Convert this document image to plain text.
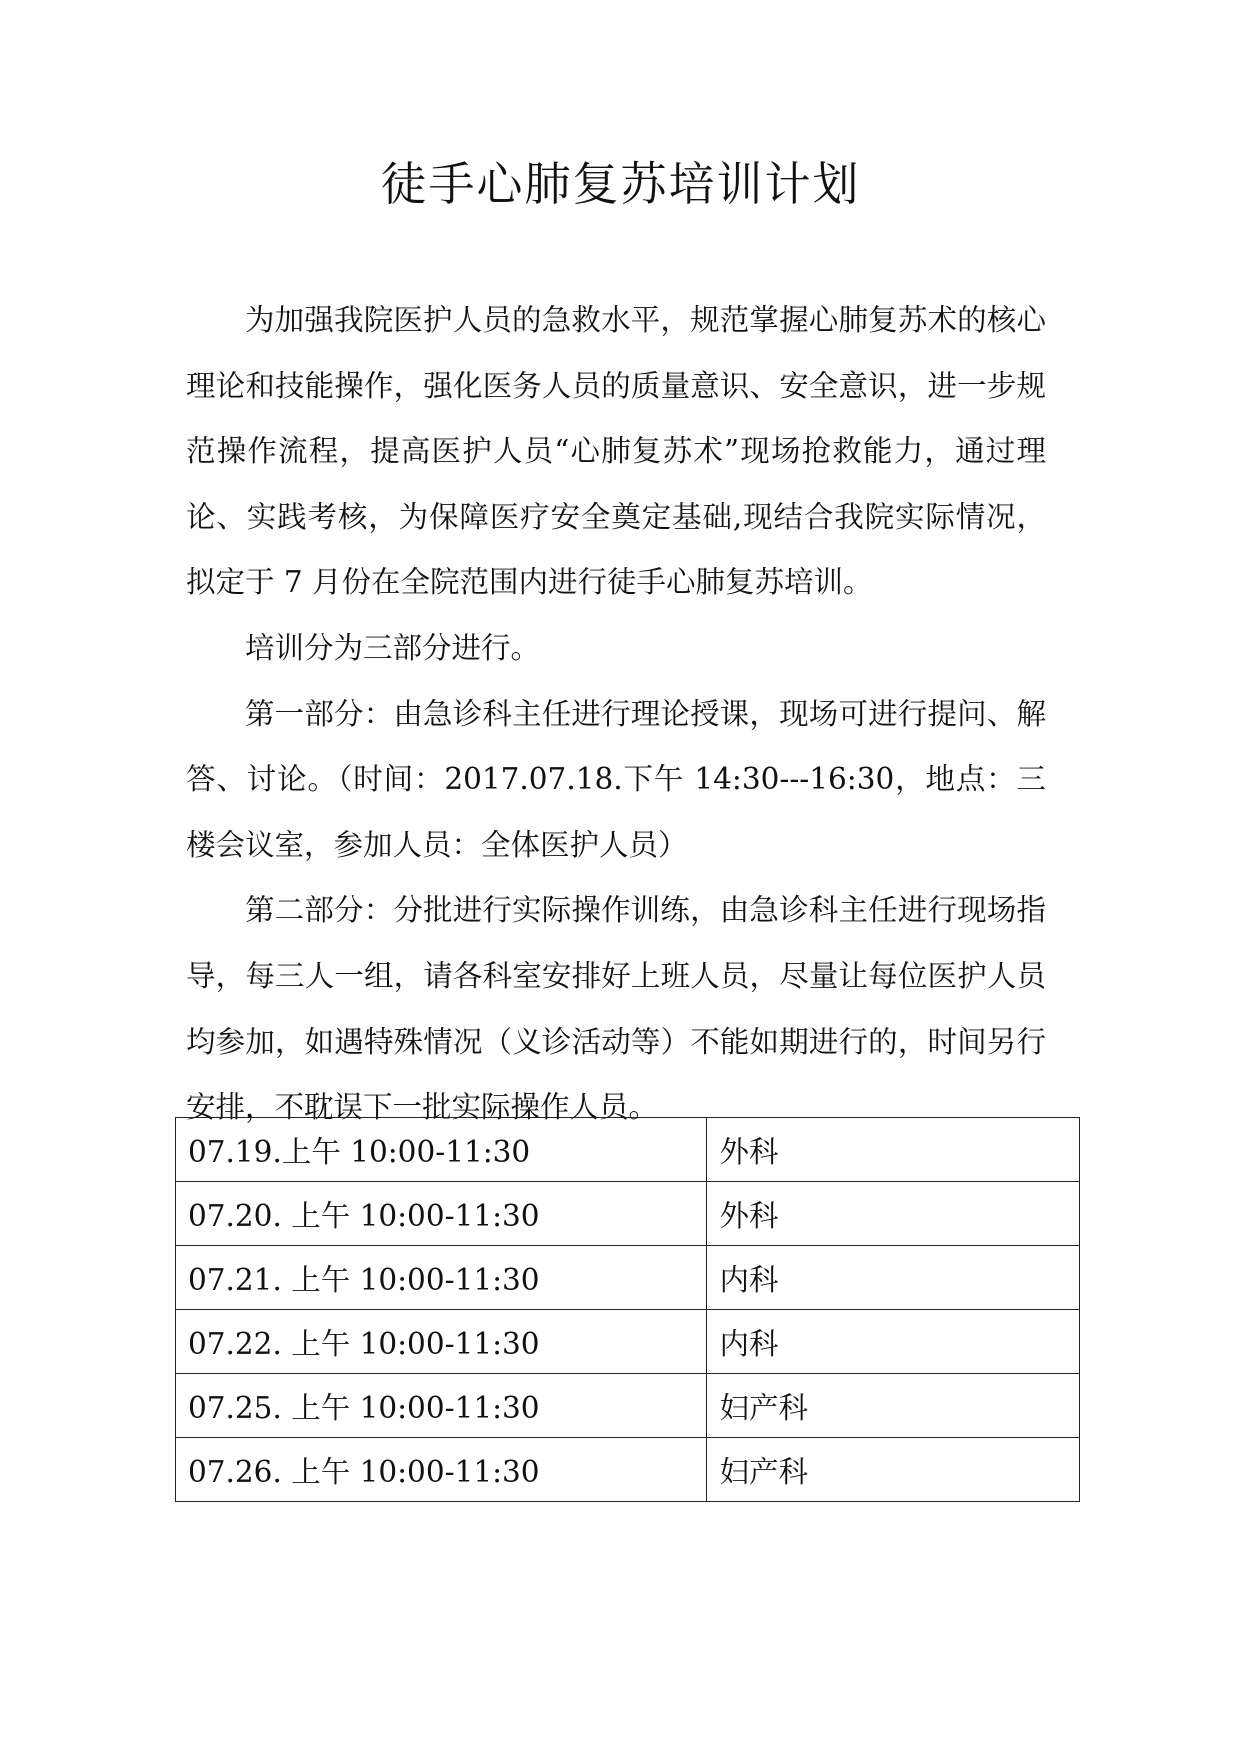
徒手心肺复苏培训计划

为加强我院医护人员的急救水平，规范掌握心肺复苏术的核心理论和技能操作，强化医务人员的质量意识、安全意识，进一步规范操作流程，提高医护人员“心肺复苏术”现场抢救能力，通过理论、实践考核，为保障医疗安全奠定基础,现结合我院实际情况，拟定于 7 月份在全院范围内进行徒手心肺复苏培训。

培训分为三部分进行。

第一部分：由急诊科主任进行理论授课，现场可进行提问、解答、讨论。（时间：2017.07.18.下午 14:30---16:30，地点：三楼会议室，参加人员：全体医护人员）

第二部分：分批进行实际操作训练，由急诊科主任进行现场指导，每三人一组，请各科室安排好上班人员，尽量让每位医护人员均参加，如遇特殊情况（义诊活动等）不能如期进行的，时间另行安排，不耽误下一批实际操作人员。

07.19.上午 10:00-11:30	外科
07.20. 上午 10:00-11:30	外科
07.21. 上午 10:00-11:30	内科
07.22. 上午 10:00-11:30	内科
07.25. 上午 10:00-11:30	妇产科
07.26. 上午 10:00-11:30	妇产科
